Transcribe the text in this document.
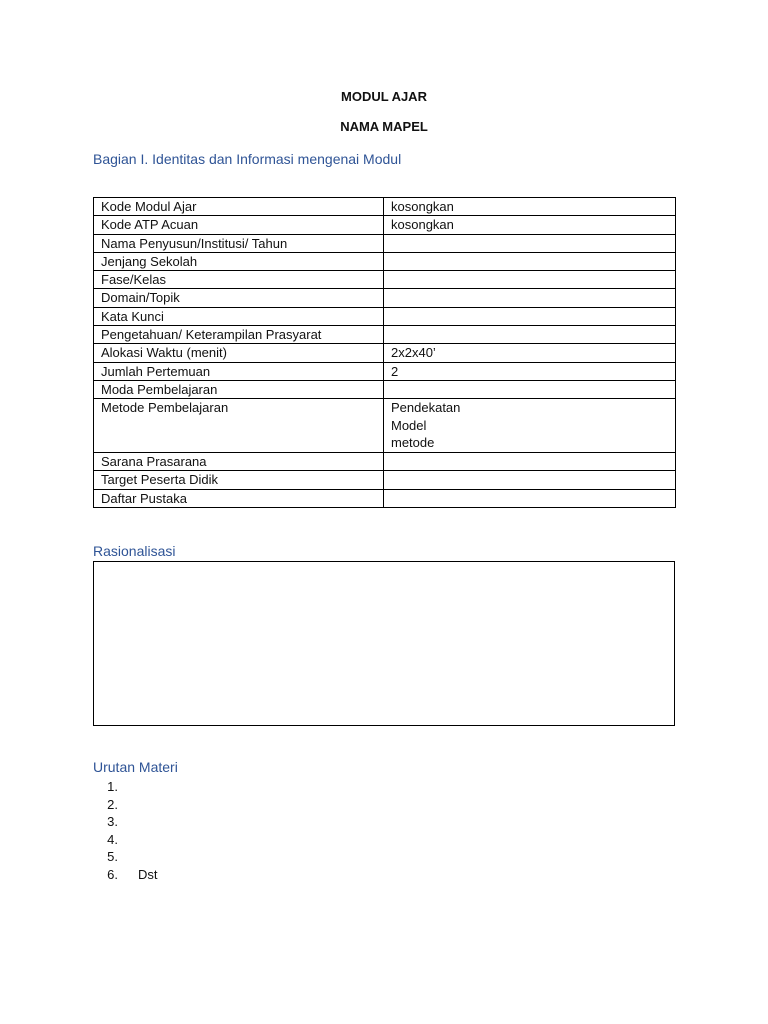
MODUL AJAR
NAMA MAPEL
Bagian I. Identitas dan Informasi mengenai Modul
Kode Modul Ajar	kosongkan
Kode ATP Acuan	kosongkan
Nama Penyusun/Institusi/ Tahun	
Jenjang Sekolah	
Fase/Kelas	
Domain/Topik	
Kata Kunci	
Pengetahuan/ Keterampilan Prasyarat	
Alokasi Waktu (menit)	2x2x40’
Jumlah Pertemuan	2
Moda Pembelajaran	
Metode Pembelajaran	Pendekatan
Model
metode

Sarana Prasarana	
Target Peserta Didik	
Daftar Pustaka	
Rasionalisasi
Urutan Materi
1.
2.
3.
4.
5.
6. Dst
